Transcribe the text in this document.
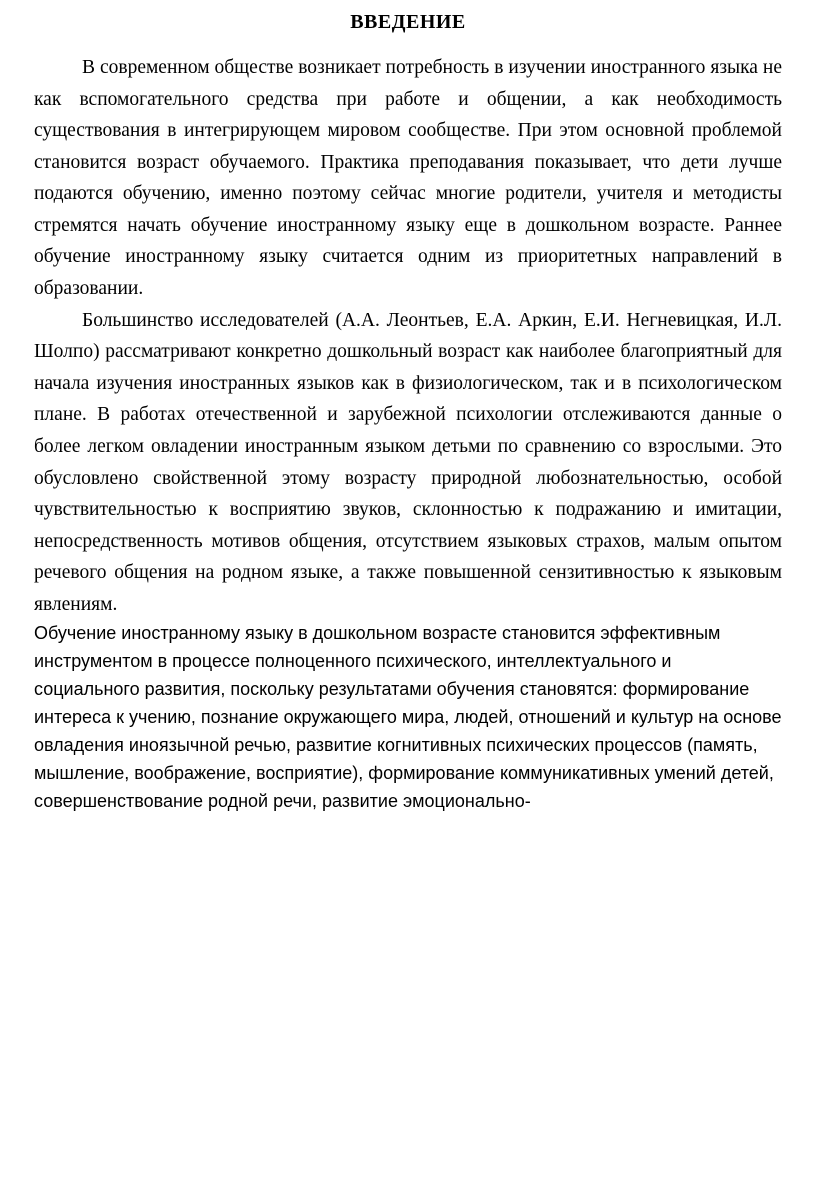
ВВЕДЕНИЕ

В современном обществе возникает потребность в изучении иностранного языка не как вспомогательного средства при работе и общении, а как необходимость существования в интегрирующем мировом сообществе. При этом основной проблемой становится возраст обучаемого. Практика преподавания показывает, что дети лучше подаются обучению, именно поэтому сейчас многие родители, учителя и методисты стремятся начать обучение иностранному языку еще в дошкольном возрасте. Раннее обучение иностранному языку считается одним из приоритетных направлений в образовании.

Большинство исследователей (А.А. Леонтьев, Е.А. Аркин, Е.И. Негневицкая, И.Л. Шолпо) рассматривают конкретно дошкольный возраст как наиболее благоприятный для начала изучения иностранных языков как в физиологическом, так и в психологическом плане. В работах отечественной и зарубежной психологии отслеживаются данные о более легком овладении иностранным языком детьми по сравнению со взрослыми. Это обусловлено свойственной этому возрасту природной любознательностью, особой чувствительностью к восприятию звуков, склонностью к подражанию и имитации, непосредственность мотивов общения, отсутствием языковых страхов, малым опытом речевого общения на родном языке, а также повышенной сензитивностью к языковым явлениям.

Обучение иностранному языку в дошкольном возрасте становится эффективным инструментом в процессе полноценного психического, интеллектуального и социального развития, поскольку результатами обучения становятся: формирование интереса к учению, познание окружающего мира, людей, отношений и культур на основе овладения иноязычной речью, развитие когнитивных психических процессов (память, мышление, воображение, восприятие), формирование коммуникативных умений детей, совершенствование родной речи, развитие эмоционально-
